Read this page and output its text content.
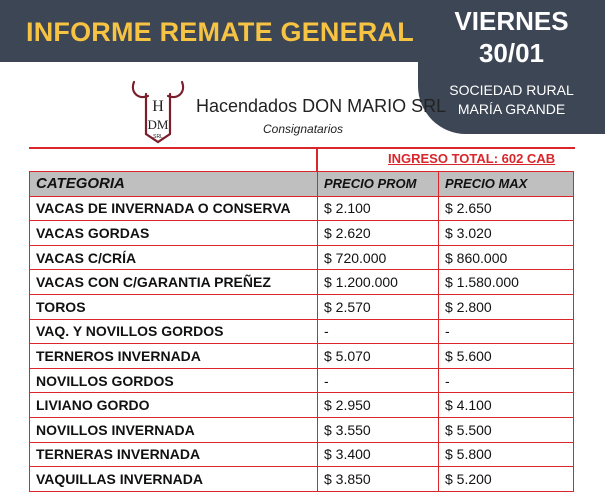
INFORME REMATE GENERAL	VIERNES
30/01
SOCIEDAD RURAL
MARÍA GRANDE
H
DM
SRL
Hacendados DON MARIO SRL
Consignatarios
INGRESO TOTAL: 602 CAB
CATEGORIA	PRECIO PROM	PRECIO MAX
VACAS DE INVERNADA O CONSERVA	$ 2.100	$ 2.650
VACAS GORDAS	$ 2.620	$ 3.020
VACAS C/CRÍA	$ 720.000	$ 860.000
VACAS CON C/GARANTIA PREÑEZ	$ 1.200.000	$ 1.580.000
TOROS	$ 2.570	$ 2.800
VAQ. Y NOVILLOS GORDOS	-	-
TERNEROS INVERNADA	$ 5.070	$ 5.600
NOVILLOS GORDOS	-	-
LIVIANO GORDO	$ 2.950	$ 4.100
NOVILLOS INVERNADA	$ 3.550	$ 5.500
TERNERAS INVERNADA	$ 3.400	$ 5.800
VAQUILLAS INVERNADA	$ 3.850	$ 5.200
